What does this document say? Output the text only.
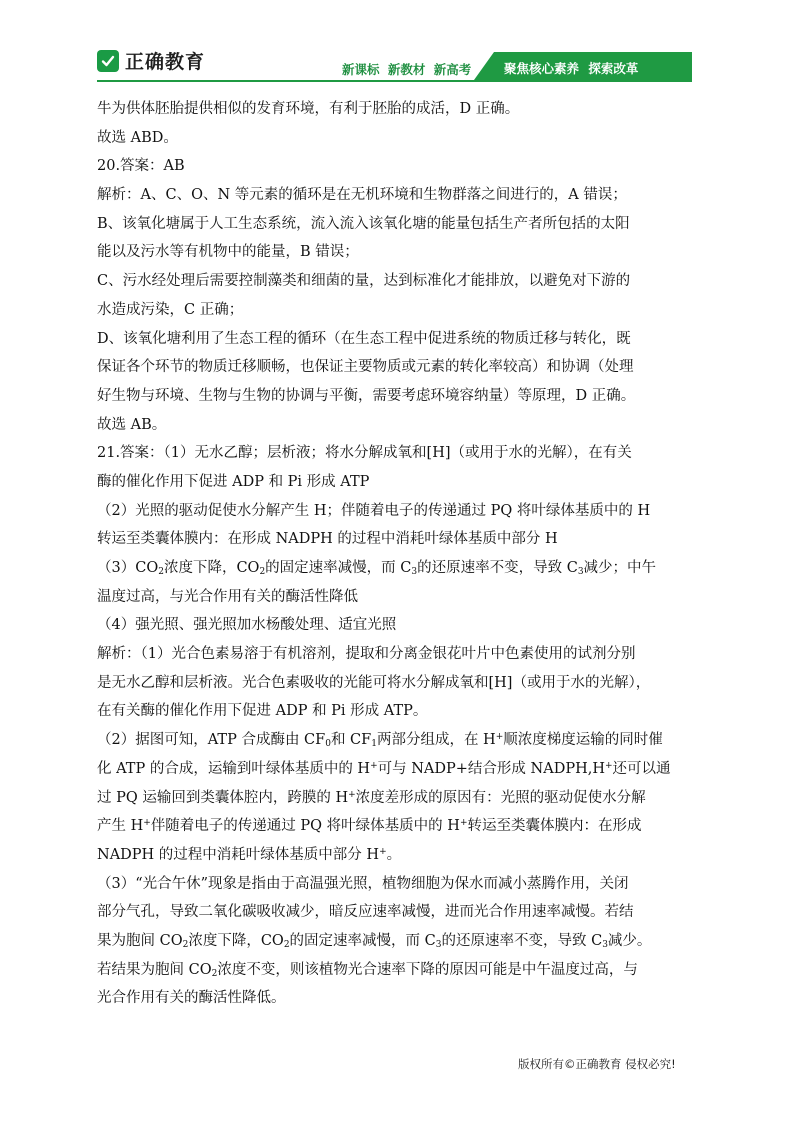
正确教育	新课标 新教材 新高考	聚焦核心素养 探索改革
牛为供体胚胎提供相似的发育环境，有利于胚胎的成活，D 正确。
故选 ABD。
20.答案：AB
解析：A、C、O、N 等元素的循环是在无机环境和生物群落之间进行的，A 错误；
B、该氧化塘属于人工生态系统，流入流入该氧化塘的能量包括生产者所包括的太阳
能以及污水等有机物中的能量，B 错误；
C、污水经处理后需要控制藻类和细菌的量，达到标准化才能排放，以避免对下游的
水造成污染，C 正确；
D、该氧化塘利用了生态工程的循环（在生态工程中促进系统的物质迁移与转化，既
保证各个环节的物质迁移顺畅，也保证主要物质或元素的转化率较高）和协调（处理
好生物与环境、生物与生物的协调与平衡，需要考虑环境容纳量）等原理，D 正确。
故选 AB。
21.答案：（1）无水乙醇；层析液；将水分解成氧和[H]（或用于水的光解），在有关
酶的催化作用下促进 ADP 和 Pi 形成 ATP
（2）光照的驱动促使水分解产生 H；伴随着电子的传递通过 PQ 将叶绿体基质中的 H
转运至类囊体膜内：在形成 NADPH 的过程中消耗叶绿体基质中部分 H
$(3)CO_2$浓度下降，$CO_2$的固定速率减慢，而 $C_3$的还原速率不变，导致 $C_3$减少；中午
温度过高，与光合作用有关的酶活性降低
（4）强光照、强光照加水杨酸处理、适宜光照
解析：（1）光合色素易溶于有机溶剂，提取和分离金银花叶片中色素使用的试剂分别
是无水乙醇和层析液。光合色素吸收的光能可将水分解成氧和[H]（或用于水的光解），
在有关酶的催化作用下促进 ADP 和 Pi 形成 ATP。
（2）据图可知，ATP 合成酶由 $CF_0$和 $CF_1$两部分组成，在 H+顺浓度梯度运输的同时催
化 ATP 的合成，运输到叶绿体基质中的 H+可与 NADP+结合形成 NADPH,H+还可以通
过 PQ 运输回到类囊体腔内，跨膜的 H+浓度差形成的原因有：光照的驱动促使水分解
产生 H+伴随着电子的传递通过 PQ 将叶绿体基质中的 H+转运至类囊体膜内：在形成
NADPH 的过程中消耗叶绿体基质中部分 H+。
（3）“光合午休”现象是指由于高温强光照，植物细胞为保水而减小蒸腾作用，关闭
部分气孔，导致二氧化碳吸收减少，暗反应速率减慢，进而光合作用速率减慢。若结
果为胞间 $CO_2$浓度下降，$CO_2$的固定速率减慢，而 $C_3$的还原速率不变，导致 $C_3$减少。
若结果为胞间 $CO_2$浓度不变，则该植物光合速率下降的原因可能是中午温度过高，与
光合作用有关的酶活性降低。
版权所有©正确教育 侵权必究!
